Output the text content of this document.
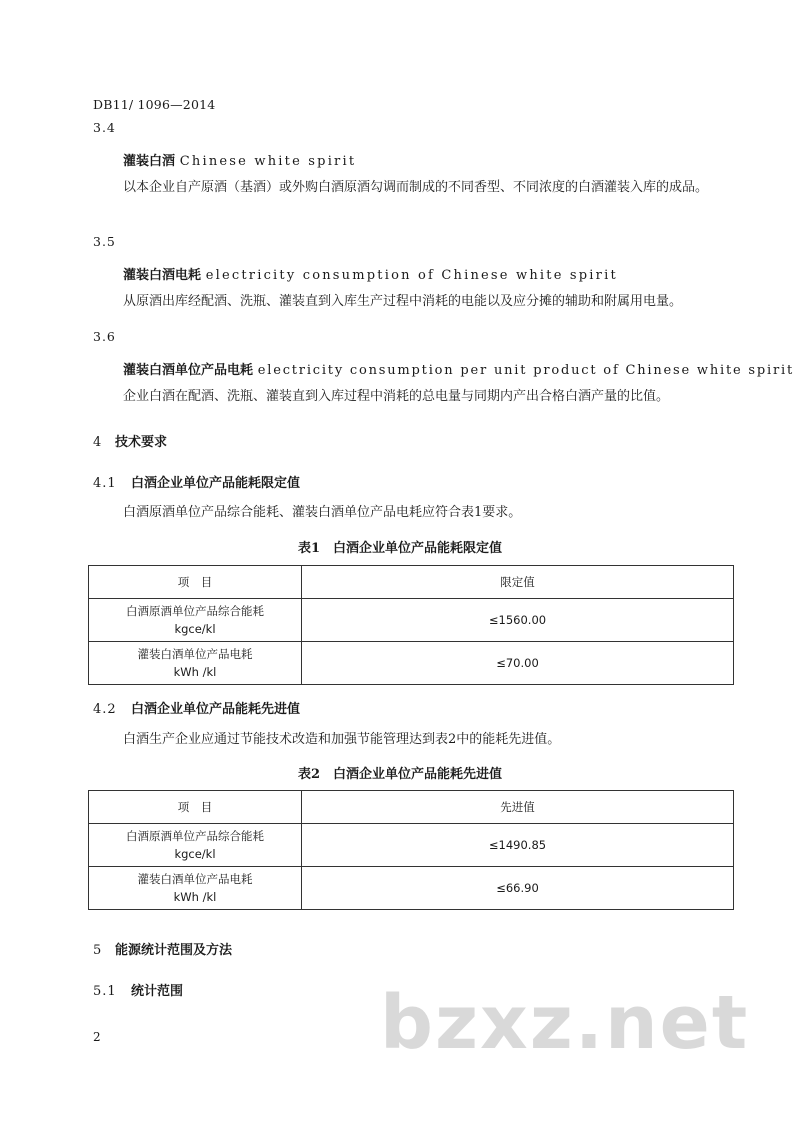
DB11/ 1096—2014
3.4
灌装白酒 Chinese white spirit
以本企业自产原酒（基酒）或外购白酒原酒勾调而制成的不同香型、不同浓度的白酒灌装入库的成品。
3.5
灌装白酒电耗 electricity consumption of Chinese white spirit
从原酒出库经配酒、洗瓶、灌装直到入库生产过程中消耗的电能以及应分摊的辅助和附属用电量。
3.6
灌装白酒单位产品电耗 electricity consumption per unit product of Chinese white spirit
企业白酒在配酒、洗瓶、灌装直到入库过程中消耗的总电量与同期内产出合格白酒产量的比值。
4 技术要求
4.1 白酒企业单位产品能耗限定值
白酒原酒单位产品综合能耗、灌装白酒单位产品电耗应符合表1要求。
表1　白酒企业单位产品能耗限定值
项　目	限定值

白酒原酒单位产品综合能耗
kgce/kl	≤1560.00

灌装白酒单位产品电耗
kWh /kl	≤70.00
4.2 白酒企业单位产品能耗先进值
白酒生产企业应通过节能技术改造和加强节能管理达到表2中的能耗先进值。
表2　白酒企业单位产品能耗先进值
项　目	先进值

白酒原酒单位产品综合能耗
kgce/kl	≤1490.85

灌装白酒单位产品电耗
kWh /kl	≤66.90
5 能源统计范围及方法
5.1 统计范围	bzxz.net
2
